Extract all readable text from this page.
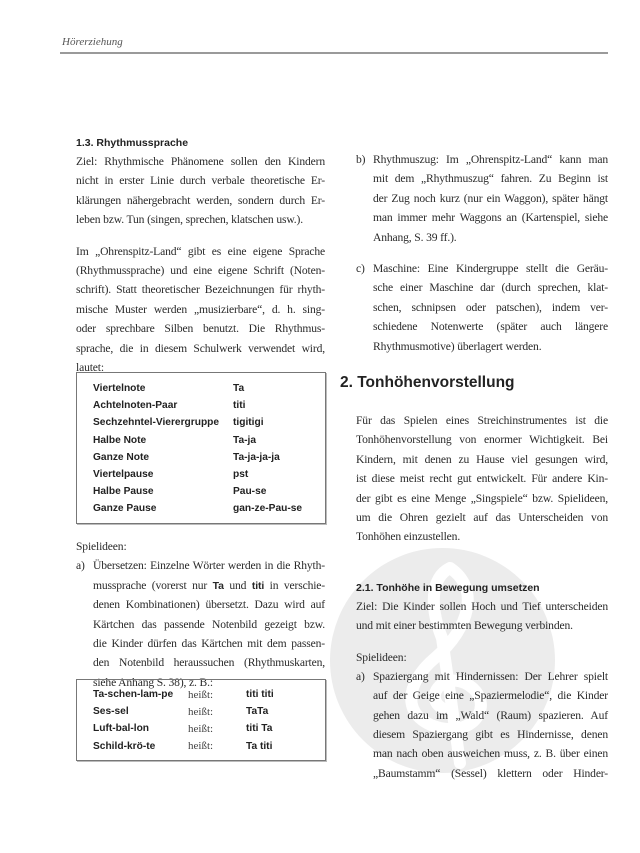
Hörerziehung
1.3. Rhythmussprache
Ziel: Rhythmische Phänomene sollen den Kindern
nicht in erster Linie durch verbale theoretische Er-
klärungen nähergebracht werden, sondern durch Er-
leben bzw. Tun (singen, sprechen, klatschen usw.).
Im „Ohrenspitz-Land“ gibt es eine eigene Sprache
(Rhythmussprache) und eine eigene Schrift (Noten-
schrift). Statt theoretischer Bezeichnungen für rhyth-
mische Muster werden „musizierbare“, d. h. sing-
oder sprechbare Silben benutzt. Die Rhythmus-
sprache, die in diesem Schulwerk verwendet wird,
lautet:
Viertelnote	Ta
Achtelnoten-Paar	titi
Sechzehntel-Vierergruppe	tigitigi
Halbe Note	Ta-ja
Ganze Note	Ta-ja-ja-ja
Viertelpause	pst
Halbe Pause	Pau-se
Ganze Pause	gan-ze-Pau-se
Spielideen:
a) Übersetzen: Einzelne Wörter werden in die Rhyth-
mussprache (vorerst nur Ta und titi in verschie-
denen Kombinationen) übersetzt. Dazu wird auf
Kärtchen das passende Notenbild gezeigt bzw.
die Kinder dürfen das Kärtchen mit dem passen-
den Notenbild heraussuchen (Rhythmuskarten,
siehe Anhang S. 38), z. B.:
Ta-schen-lam-pe	heißt:	titi titi
Ses-sel	heißt:	TaTa
Luft-bal-lon	heißt:	titi Ta
Schild-krö-te	heißt:	Ta titi
b) Rhythmuszug: Im „Ohrenspitz-Land“ kann man
mit dem „Rhythmuszug“ fahren. Zu Beginn ist
der Zug noch kurz (nur ein Waggon), später hängt
man immer mehr Waggons an (Kartenspiel, siehe
Anhang, S. 39 ff.).
c) Maschine: Eine Kindergruppe stellt die Geräu-
sche einer Maschine dar (durch sprechen, klat-
schen, schnipsen oder patschen), indem ver-
schiedene Notenwerte (später auch längere
Rhythmusmotive) überlagert werden.
2. Tonhöhenvorstellung
Für das Spielen eines Streichinstrumentes ist die
Tonhöhenvorstellung von enormer Wichtigkeit. Bei
Kindern, mit denen zu Hause viel gesungen wird,
ist diese meist recht gut entwickelt. Für andere Kin-
der gibt es eine Menge „Singspiele“ bzw. Spielideen,
um die Ohren gezielt auf das Unterscheiden von
Tonhöhen einzustellen.
2.1. Tonhöhe in Bewegung umsetzen
Ziel: Die Kinder sollen Hoch und Tief unterscheiden
und mit einer bestimmten Bewegung verbinden.
Spielideen:
a) Spaziergang mit Hindernissen: Der Lehrer spielt
auf der Geige eine „Spaziermelodie“, die Kinder
gehen dazu im „Wald“ (Raum) spazieren. Auf
diesem Spaziergang gibt es Hindernisse, denen
man nach oben ausweichen muss, z. B. über einen
„Baumstamm“ (Sessel) klettern oder Hinder-
